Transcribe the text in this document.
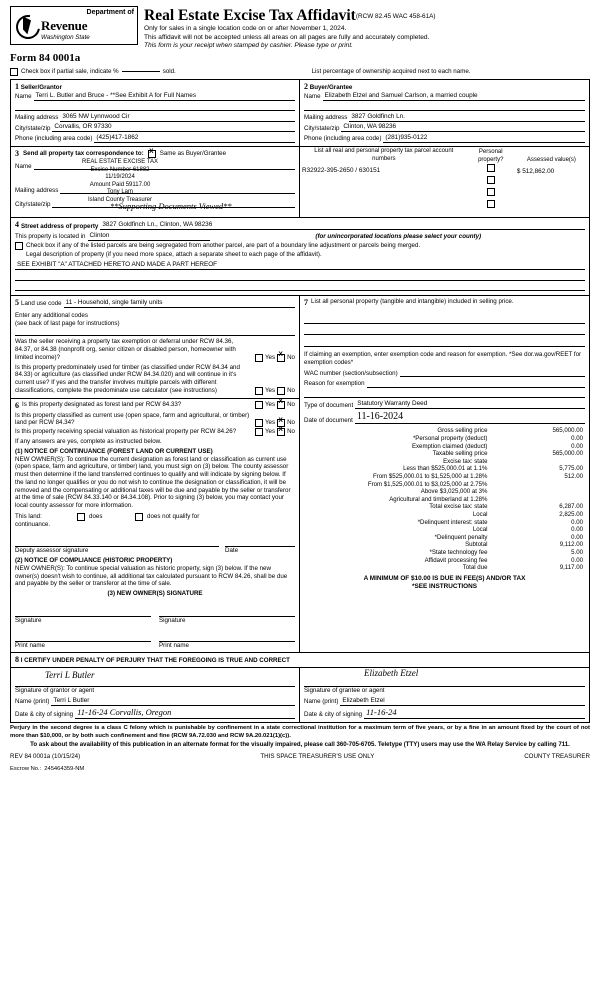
Department of
Revenue
Washington State
Real Estate Excise Tax Affidavit(RCW 82.45 WAC 458-61A)
Only for sales in a single location code on or after November 1, 2024.
This affidavit will not be accepted unless all areas on all pages are fully and accurately completed.
This form is your receipt when stamped by cashier. Please type or print.
Form 84 0001a
Check box if partial sale, indicate %	sold.	List percentage of ownership acquired next to each name.
1 Seller/Grantor
Name Terri L. Butler and Bruce - **See Exhibit A for Full Names

Mailing address 3065 NW Lynnwood Cir
City/state/zip Corvallis, OR 97330
Phone (including area code) (425)417-1862
2 Buyer/Grantee
Name Elizabeth Etzel and Samuel Carlson, a married couple

Mailing address 3827 Goldfinch Ln.
City/state/zip Clinton, WA 98236
Phone (including area code) (281)935-0122
3 Send all property tax correspondence to: X	Same as Buyer/Grantee
Name

Mailing address

City/state/zip

REAL ESTATE EXCISE TAX
Excise Number 61882
11/19/2024
Amount Paid 59117.00
Tony Lam
Island County Treasurer
**Supporting Documents Viewed**
List all real and personal property tax parcel account numbers	Personal property?	Assessed value(s)
R32922-395-2650 / 630151		$ 512,862.00

4 Street address of property 3827 Goldfinch Ln., Clinton, WA 98236
This property is located in Clinton	(for unincorporated locations please select your county)
Check box if any of the listed parcels are being segregated from another parcel, are part of a boundary line adjustment or parcels being merged.
Legal description of property (if you need more space, attach a separate sheet to each page of the affidavit).
SEE EXHIBIT "A" ATTACHED HERETO AND MADE A PART HEREOF

5 Land use code 11 - Household, single family units
Enter any additional codes
(see back of last page for instructions)

Was the seller receiving a property tax exemption or deferral under RCW 84.36, 84.37, or 84.38 (nonprofit org, senior citizen or disabled person, homeowner with limited income)?	Yes X No
Is this property predominately used for timber (as classified under RCW 84.34 and 84.33) or agriculture (as classified under RCW 84.34.020) and will continue in it's current use? If yes and the transfer involves multiple parcels with different classifications, complete the predominate use calculator (see instructions)	Yes No
6 Is this property designated as forest land per RCW 84.33?	Yes X No
Is this property classified as current use (open space, farm and agricultural, or timber) land per RCW 84.34?	Yes X No
Is this property receiving special valuation as historical property per RCW 84.26?	Yes X No
If any answers are yes, complete as instructed below.
(1) NOTICE OF CONTINUANCE (FOREST LAND OR CURRENT USE)
NEW OWNER(S): To continue the current designation as forest land or classification as current use (open space, farm and agriculture, or timber) land, you must sign on (3) below. The county assessor must then determine if the land transferred continues to qualify and will indicate by signing below. If the land no longer qualifies or you do not wish to continue the designation or classification, it will be removed and the compensating or additional taxes will be due and payable by the seller or transferor at the time of sale (RCW 84.33.140 or 84.34.108). Prior to signing (3) below, you may contact your local county assessor for more information.
This land:	does	does not qualify for
continuance.

Deputy assessor signature	Date
(2) NOTICE OF COMPLIANCE (HISTORIC PROPERTY)
NEW OWNER(S): To continue special valuation as historic property, sign (3) below. If the new owner(s) doesn't wish to continue, all additional tax calculated pursuant to RCW 84.26, shall be due and payable by the seller or transferor at the time of sale.
(3) NEW OWNER(S) SIGNATURE

Signature	Signature

Print name	Print name
7 List all personal property (tangible and intangible) included in selling price.

If claiming an exemption, enter exemption code and reason for exemption. *See dor.wa.gov/REET for exemption codes*
WAC number (section/subsection)

Reason for exemption

Type of document Statutory Warranty Deed
Date of document 11-16-2024
Gross selling price	565,000.00
*Personal property (deduct)	0.00
Exemption claimed (deduct)	0.00
Taxable selling price	565,000.00
Excise tax: state	
Less than $525,000.01 at 1.1%	5,775.00
From $525,000.01 to $1,525,000 at 1.28%	512.00
From $1,525,000.01 to $3,025,000 at 2.75%	
Above $3,025,000 at 3%	
Agricultural and timberland at 1.28%	
Total excise tax: state	6,287.00
Local	2,825.00
*Delinquent interest: state	0.00
Local	0.00
*Delinquent penalty	0.00
Subtotal	9,112.00
*State technology fee	5.00
Affidavit processing fee	0.00
Total due	9,117.00
A MINIMUM OF $10.00 IS DUE IN FEE(S) AND/OR TAX
*SEE INSTRUCTIONS
8 I CERTIFY UNDER PENALTY OF PERJURY THAT THE FOREGOING IS TRUE AND CORRECT
Terri L Butler
Signature of grantor or agent
Name (print) Terri L Butler
Date & city of signing 11-16-24 Corvallis, Oregon
Elizabeth Etzel
Signature of grantee or agent
Name (print) Elizabeth Etzel
Date & city of signing 11-16-24
Perjury in the second degree is a class C felony which is punishable by confinement in a state correctional institution for a maximum term of five years, or by a fine in an amount fixed by the court of not more than $10,000, or by both such confinement and fine (RCW 9A.72.030 and RCW 9A.20.021(1)(c)).
To ask about the availability of this publication in an alternate format for the visually impaired, please call 360-705-6705. Teletype (TTY) users may use the WA Relay Service by calling 711.
REV 84 0001a (10/15/24)	THIS SPACE TREASURER'S USE ONLY	COUNTY TREASURER
Escrow No.: 245464359-NM
